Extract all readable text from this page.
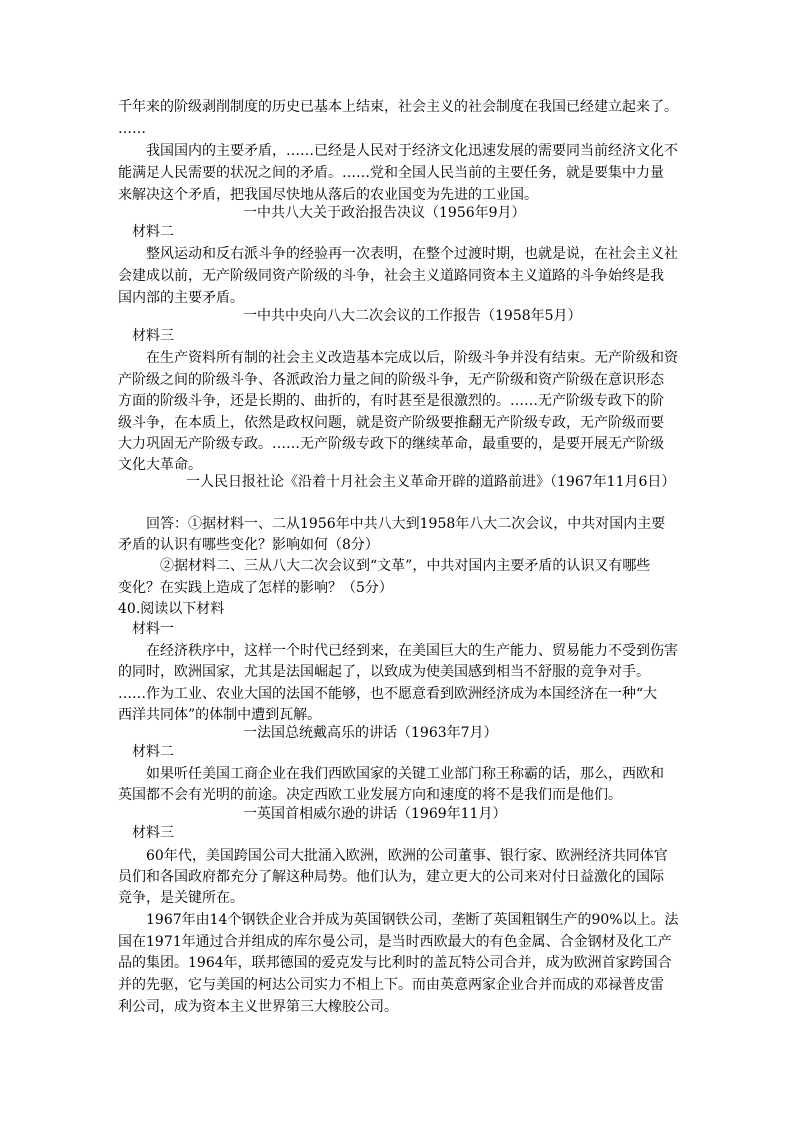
千年来的阶级剥削制度的历史已基本上结束，社会主义的社会制度在我国已经建立起来了。
……
我国国内的主要矛盾，……已经是人民对于经济文化迅速发展的需要同当前经济文化不
能满足人民需要的状况之间的矛盾。……党和全国人民当前的主要任务，就是要集中力量
来解决这个矛盾，把我国尽快地从落后的农业国变为先进的工业国。
一中共八大关于政治报告决议（1956年9月）
材料二
整风运动和反右派斗争的经验再一次表明，在整个过渡时期，也就是说，在社会主义社
会建成以前，无产阶级同资产阶级的斗争，社会主义道路同资本主义道路的斗争始终是我
国内部的主要矛盾。
一中共中央向八大二次会议的工作报告（1958年5月）
材料三
在生产资料所有制的社会主义改造基本完成以后，阶级斗争并没有结束。无产阶级和资
产阶级之间的阶级斗争、各派政治力量之间的阶级斗争，无产阶级和资产阶级在意识形态
方面的阶级斗争，还是长期的、曲折的，有时甚至是很激烈的。……无产阶级专政下的阶
级斗争，在本质上，依然是政权问题，就是资产阶级要推翻无产阶级专政，无产阶级而要
大力巩固无产阶级专政。……无产阶级专政下的继续革命，最重要的，是要开展无产阶级
文化大革命。
一人民日报社论《沿着十月社会主义革命开辟的道路前进》（1967年11月6日）
回答：①据材料一、二从1956年中共八大到1958年八大二次会议，中共对国内主要
矛盾的认识有哪些变化？影响如何（8分）
②据材料二、三从八大二次会议到“文革”，中共对国内主要矛盾的认识又有哪些
变化？在实践上造成了怎样的影响？（5分）
40.阅读以下材料
材料一
在经济秩序中，这样一个时代已经到来，在美国巨大的生产能力、贸易能力不受到伤害
的同时，欧洲国家，尤其是法国崛起了，以致成为使美国感到相当不舒服的竞争对手。
……作为工业、农业大国的法国不能够，也不愿意看到欧洲经济成为本国经济在一种“大
西洋共同体”的体制中遭到瓦解。
一法国总统戴高乐的讲话（1963年7月）
材料二
如果听任美国工商企业在我们西欧国家的关键工业部门称王称霸的话，那么，西欧和
英国都不会有光明的前途。决定西欧工业发展方向和速度的将不是我们而是他们。
一英国首相威尔逊的讲话（1969年11月）
材料三
60年代，美国跨国公司大批涌入欧洲，欧洲的公司董事、银行家、欧洲经济共同体官
员们和各国政府都充分了解这种局势。他们认为，建立更大的公司来对付日益激化的国际
竞争，是关键所在。
1967年由14个钢铁企业合并成为英国钢铁公司，垄断了英国粗钢生产的90%以上。法
国在1971年通过合并组成的库尔曼公司，是当时西欧最大的有色金属、合金钢材及化工产
品的集团。1964年，联邦德国的爱克发与比利时的盖瓦特公司合并，成为欧洲首家跨国合
并的先驱，它与美国的柯达公司实力不相上下。而由英意两家企业合并而成的邓禄普皮雷
利公司，成为资本主义世界第三大橡胶公司。
